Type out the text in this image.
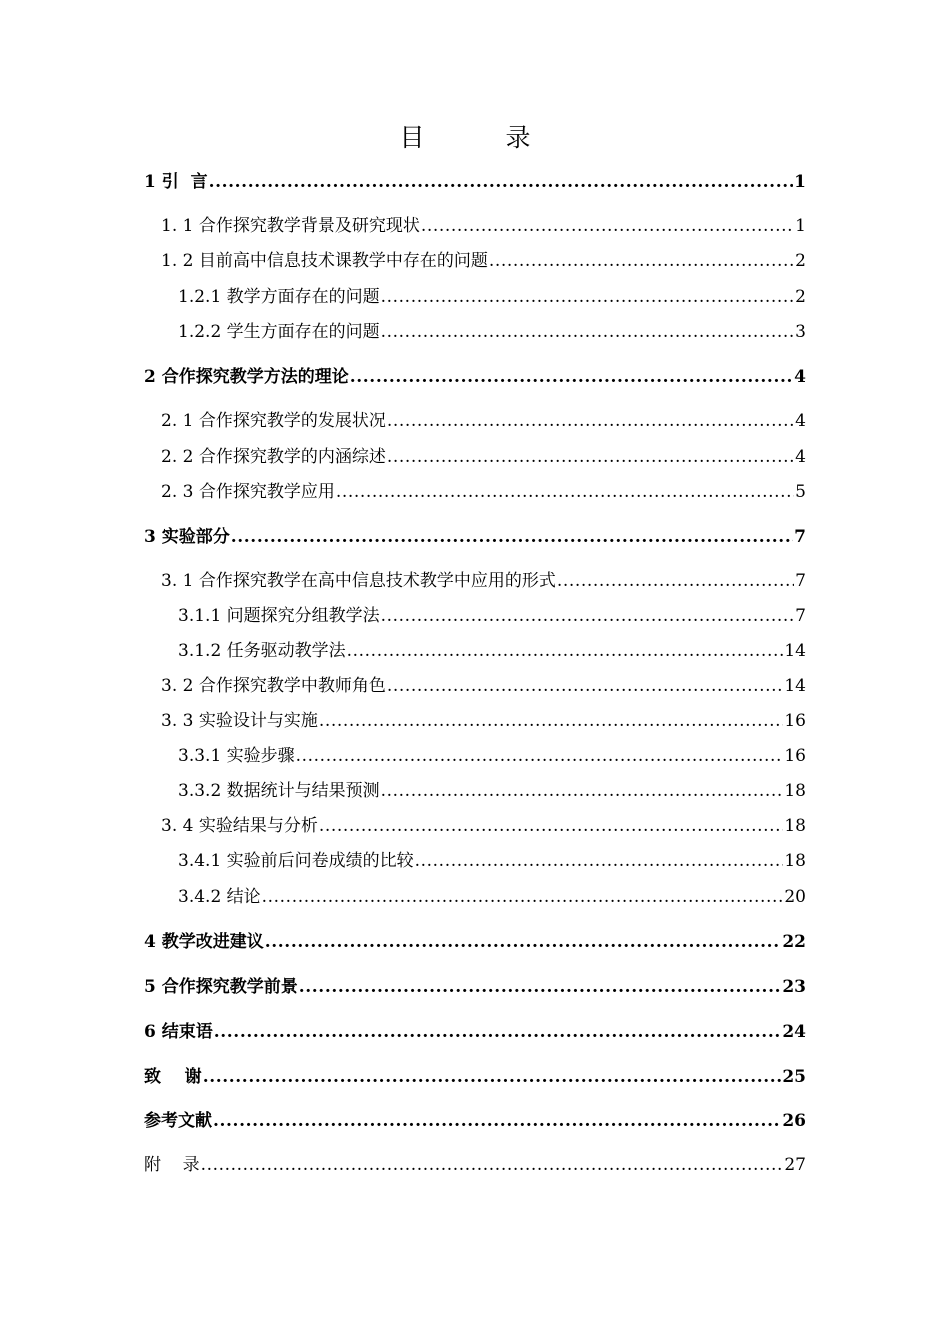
目　录
1 引  言 .....	1
1. 1 合作探究教学背景及研究现状 .....	1
1. 2 目前高中信息技术课教学中存在的问题 .....	2
1.2.1 教学方面存在的问题 .....	2
1.2.2 学生方面存在的问题 .....	3
2 合作探究教学方法的理论 .....	4
2. 1 合作探究教学的发展状况 .....	4
2. 2 合作探究教学的内涵综述 .....	4
2. 3 合作探究教学应用 .....	5
3 实验部分 .....	7
3. 1 合作探究教学在高中信息技术教学中应用的形式 .....	7
3.1.1 问题探究分组教学法 .....	7
3.1.2 任务驱动教学法 .....	14
3. 2 合作探究教学中教师角色 .....	14
3. 3 实验设计与实施 .....	16
3.3.1 实验步骤 .....	16
3.3.2 数据统计与结果预测 .....	18
3. 4 实验结果与分析 .....	18
3.4.1 实验前后问卷成绩的比较 .....	18
3.4.2 结论 .....	20
4 教学改进建议 .....	22
5 合作探究教学前景 .....	23
6 结束语 .....	24
致    谢 .....	25
参考文献 .....	26
附    录 .....	27
